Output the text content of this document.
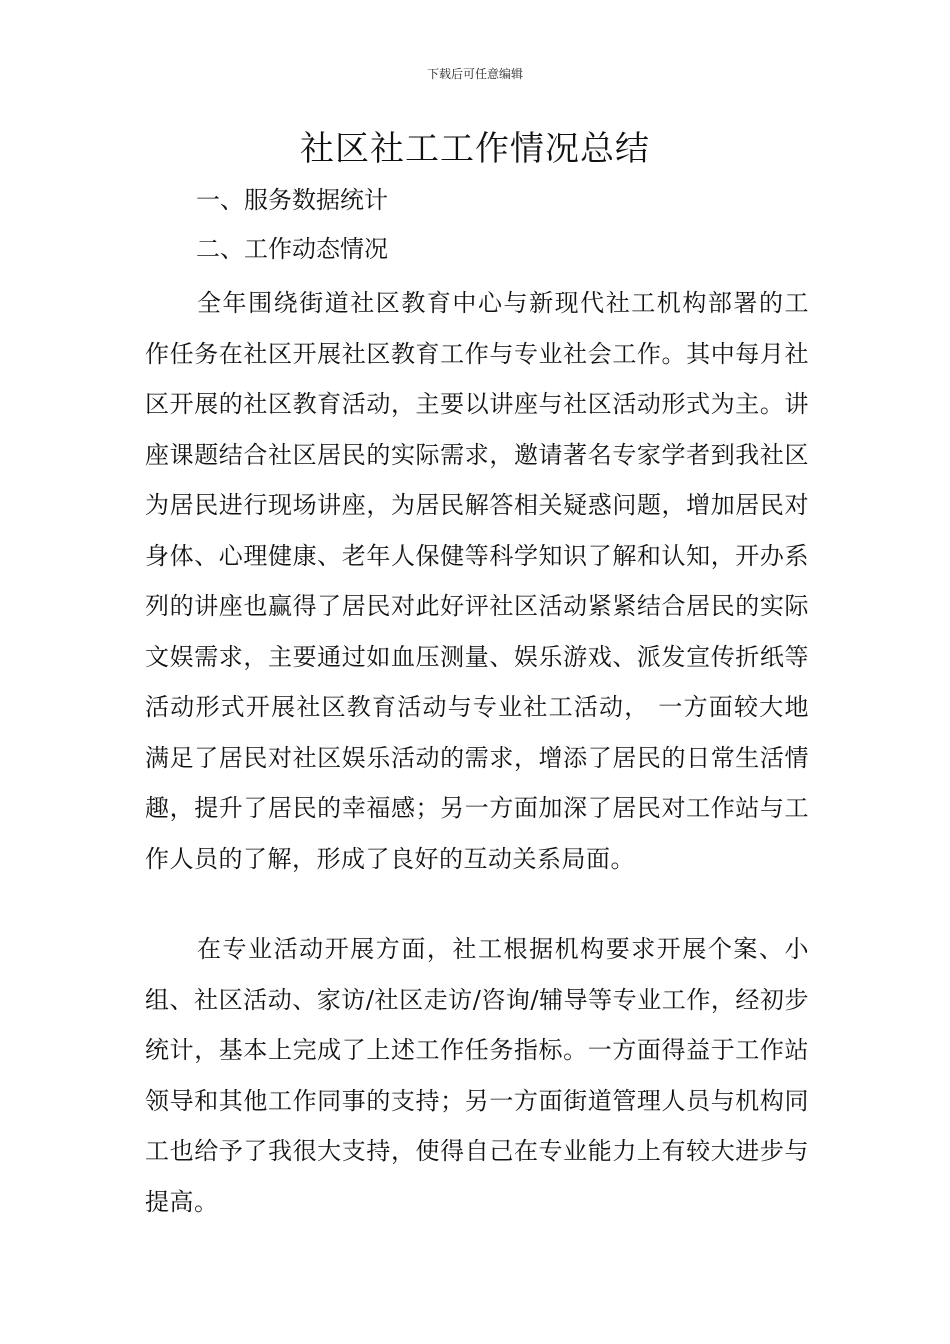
下载后可任意编辑
社区社工工作情况总结
一、服务数据统计
二、工作动态情况

全年围绕街道社区教育中心与新现代社工机构部署的工作任务在社区开展社区教育工作与专业社会工作。其中每月社区开展的社区教育活动，主要以讲座与社区活动形式为主。讲座课题结合社区居民的实际需求，邀请著名专家学者到我社区为居民进行现场讲座，为居民解答相关疑惑问题，增加居民对身体、心理健康、老年人保健等科学知识了解和认知，开办系列的讲座也赢得了居民对此好评社区活动紧紧结合居民的实际文娱需求，主要通过如血压测量、娱乐游戏、派发宣传折纸等活动形式开展社区教育活动与专业社工活动， 一方面较大地满足了居民对社区娱乐活动的需求，增添了居民的日常生活情趣，提升了居民的幸福感；另一方面加深了居民对工作站与工作人员的了解，形成了良好的互动关系局面。

在专业活动开展方面，社工根据机构要求开展个案、小组、社区活动、家访/社区走访/咨询/辅导等专业工作，经初步统计，基本上完成了上述工作任务指标。一方面得益于工作站领导和其他工作同事的支持；另一方面街道管理人员与机构同工也给予了我很大支持，使得自己在专业能力上有较大进步与提高。
